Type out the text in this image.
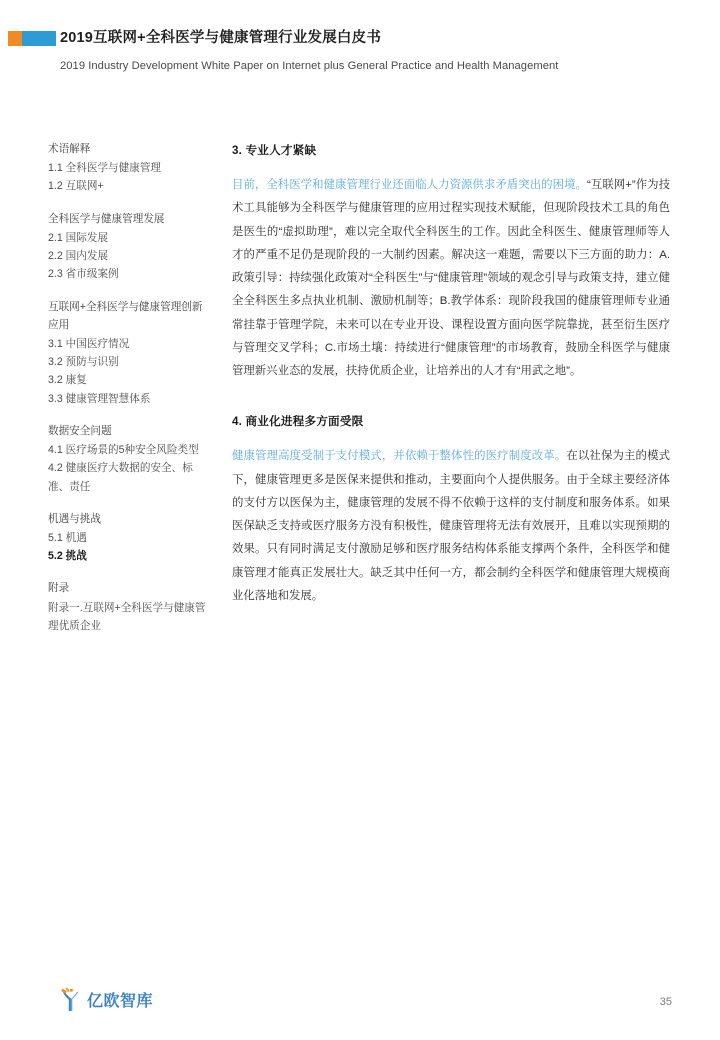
2019互联网+全科医学与健康管理行业发展白皮书
2019 Industry Development White Paper on Internet plus General Practice and Health Management
术语解释
1.1 全科医学与健康管理
1.2 互联网+
全科医学与健康管理发展
2.1 国际发展
2.2 国内发展
2.3 省市级案例
互联网+全科医学与健康管理创新应用
3.1 中国医疗情况
3.2 预防与识别
3.2 康复
3.3 健康管理智慧体系
数据安全问题
4.1 医疗场景的5种安全风险类型
4.2 健康医疗大数据的安全、标准、责任
机遇与挑战
5.1 机遇
5.2 挑战
附录
附录一.互联网+全科医学与健康管理优质企业
3. 专业人才紧缺

目前，全科医学和健康管理行业还面临人力资源供求矛盾突出的困境。“互联网+”作为技术工具能够为全科医学与健康管理的应用过程实现技术赋能，但现阶段技术工具的角色是医生的“虚拟助理”，难以完全取代全科医生的工作。因此全科医生、健康管理师等人才的严重不足仍是现阶段的一大制约因素。解决这一难题，需要以下三方面的助力：A.政策引导：持续强化政策对“全科医生”与“健康管理”领域的观念引导与政策支持，建立健全全科医生多点执业机制、激励机制等；B.教学体系：现阶段我国的健康管理师专业通常挂靠于管理学院，未来可以在专业开设、课程设置方面向医学院靠拢，甚至衍生医疗与管理交叉学科；C.市场土壤：持续进行“健康管理”的市场教育，鼓励全科医学与健康管理新兴业态的发展，扶持优质企业，让培养出的人才有“用武之地”。

4. 商业化进程多方面受限

健康管理高度受制于支付模式，并依赖于整体性的医疗制度改革。在以社保为主的模式下，健康管理更多是医保来提供和推动，主要面向个人提供服务。由于全球主要经济体的支付方以医保为主，健康管理的发展不得不依赖于这样的支付制度和服务体系。如果医保缺乏支持或医疗服务方没有积极性，健康管理将无法有效展开，且难以实现预期的效果。只有同时满足支付激励足够和医疗服务结构体系能支撑两个条件，全科医学和健康管理才能真正发展壮大。缺乏其中任何一方，都会制约全科医学和健康管理大规模商业化落地和发展。

亿欧智库	35
